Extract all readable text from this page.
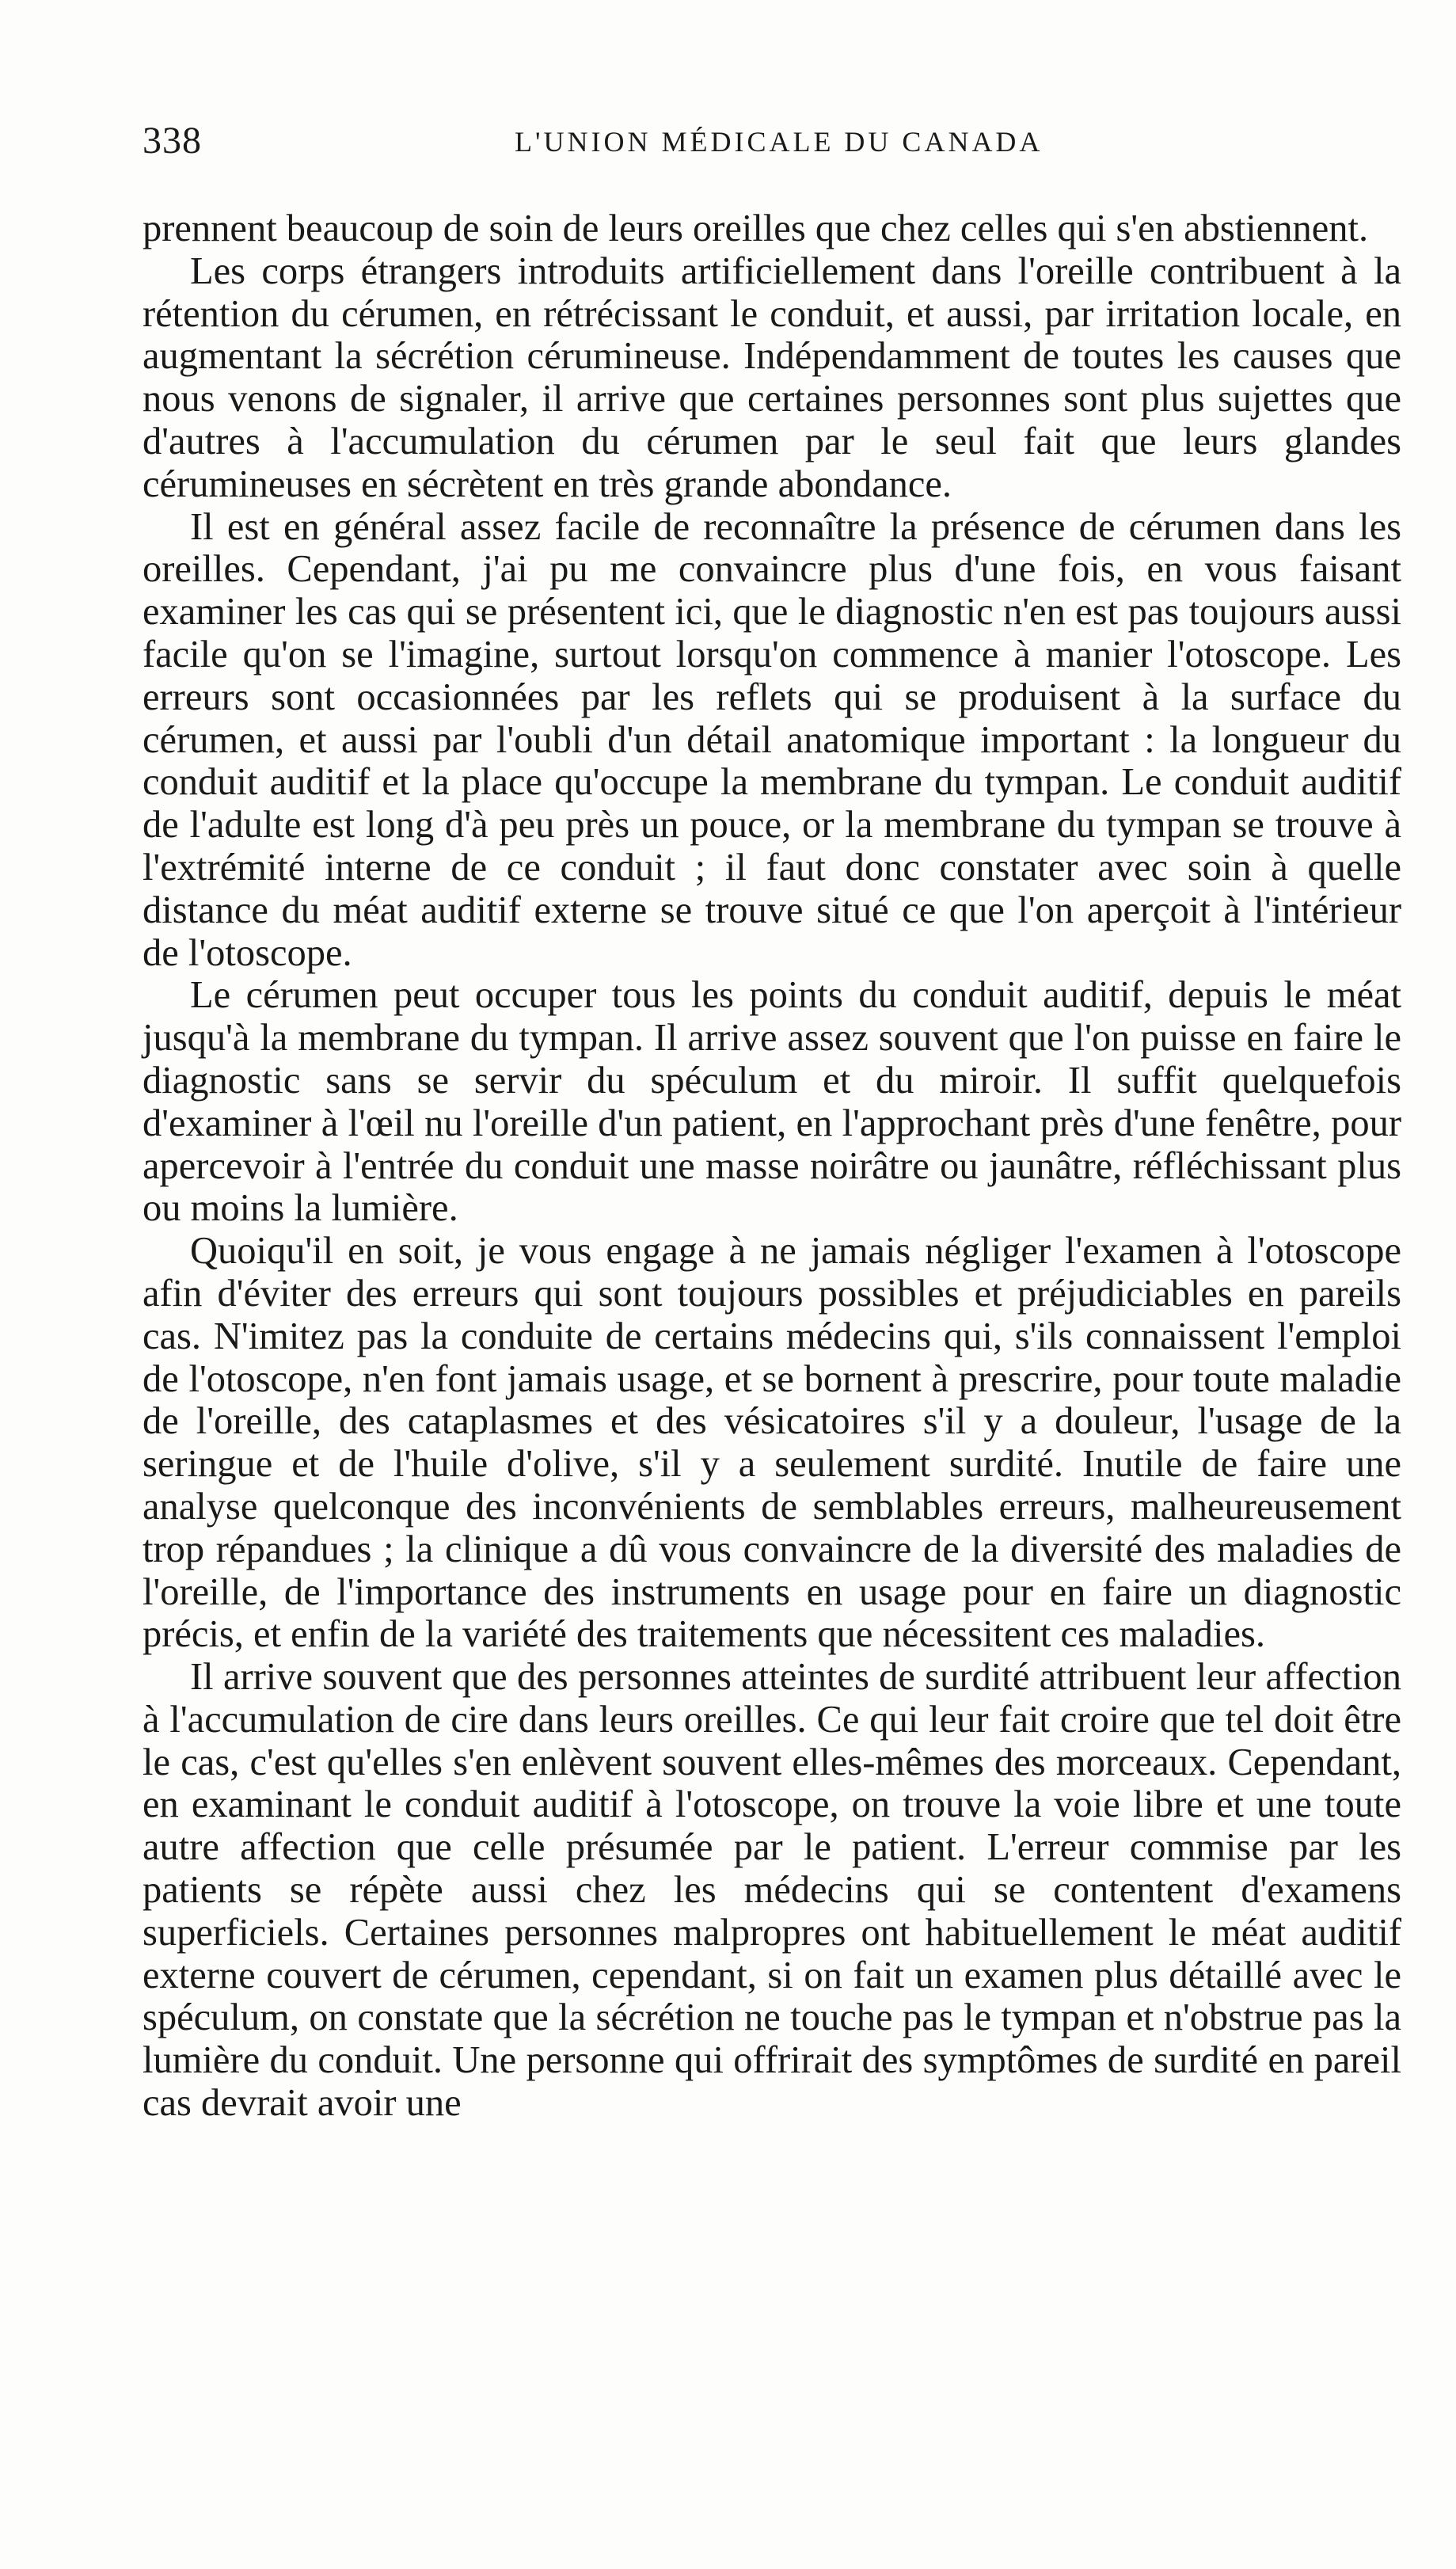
338	L'UNION MÉDICALE DU CANADA

prennent beaucoup de soin de leurs oreilles que chez celles qui s'en abstiennent.

Les corps étrangers introduits artificiellement dans l'oreille contribuent à la rétention du cérumen, en rétrécissant le conduit, et aussi, par irritation locale, en augmentant la sécrétion cérumineuse. Indépendamment de toutes les causes que nous venons de signaler, il arrive que certaines personnes sont plus sujettes que d'autres à l'accumulation du cérumen par le seul fait que leurs glandes cérumineuses en sécrètent en très grande abondance.

Il est en général assez facile de reconnaître la présence de cérumen dans les oreilles. Cependant, j'ai pu me convaincre plus d'une fois, en vous faisant examiner les cas qui se présentent ici, que le diagnostic n'en est pas toujours aussi facile qu'on se l'imagine, surtout lorsqu'on commence à manier l'otoscope. Les erreurs sont occasionnées par les reflets qui se produisent à la surface du cérumen, et aussi par l'oubli d'un détail anatomique important : la longueur du conduit auditif et la place qu'occupe la membrane du tympan. Le conduit auditif de l'adulte est long d'à peu près un pouce, or la membrane du tympan se trouve à l'extrémité interne de ce conduit ; il faut donc constater avec soin à quelle distance du méat auditif externe se trouve situé ce que l'on aperçoit à l'intérieur de l'otoscope.

Le cérumen peut occuper tous les points du conduit auditif, depuis le méat jusqu'à la membrane du tympan. Il arrive assez souvent que l'on puisse en faire le diagnostic sans se servir du spéculum et du miroir. Il suffit quelquefois d'examiner à l'œil nu l'oreille d'un patient, en l'approchant près d'une fenêtre, pour apercevoir à l'entrée du conduit une masse noirâtre ou jaunâtre, réfléchissant plus ou moins la lumière.

Quoiqu'il en soit, je vous engage à ne jamais négliger l'examen à l'otoscope afin d'éviter des erreurs qui sont toujours possibles et préjudiciables en pareils cas. N'imitez pas la conduite de certains médecins qui, s'ils connaissent l'emploi de l'otoscope, n'en font jamais usage, et se bornent à prescrire, pour toute maladie de l'oreille, des cataplasmes et des vésicatoires s'il y a douleur, l'usage de la seringue et de l'huile d'olive, s'il y a seulement surdité. Inutile de faire une analyse quelconque des inconvénients de semblables erreurs, malheureusement trop répandues ; la clinique a dû vous convaincre de la diversité des maladies de l'oreille, de l'importance des instruments en usage pour en faire un diagnostic précis, et enfin de la variété des traitements que nécessitent ces maladies.

Il arrive souvent que des personnes atteintes de surdité attribuent leur affection à l'accumulation de cire dans leurs oreilles. Ce qui leur fait croire que tel doit être le cas, c'est qu'elles s'en enlèvent souvent elles-mêmes des morceaux. Cependant, en examinant le conduit auditif à l'otoscope, on trouve la voie libre et une toute autre affection que celle présumée par le patient. L'erreur commise par les patients se répète aussi chez les médecins qui se contentent d'examens superficiels. Certaines personnes malpropres ont habituellement le méat auditif externe couvert de cérumen, cependant, si on fait un examen plus détaillé avec le spéculum, on constate que la sécrétion ne touche pas le tympan et n'obstrue pas la lumière du conduit. Une personne qui offrirait des symptômes de surdité en pareil cas devrait avoir une
